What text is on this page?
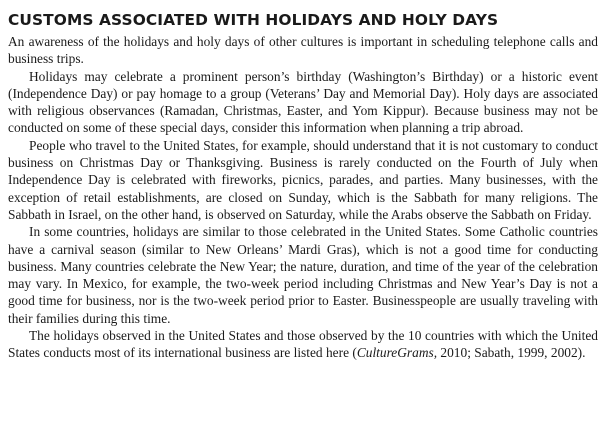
CUSTOMS ASSOCIATED WITH HOLIDAYS AND HOLY DAYS

An awareness of the holidays and holy days of other cultures is important in scheduling telephone calls and business trips.

Holidays may celebrate a prominent person’s birthday (Washington’s Birthday) or a historic event (Independence Day) or pay homage to a group (Veterans’ Day and Memorial Day). Holy days are associated with religious observances (Ramadan, Christmas, Easter, and Yom Kippur). Because business may not be conducted on some of these special days, consider this information when planning a trip abroad.

People who travel to the United States, for example, should understand that it is not customary to conduct business on Christmas Day or Thanksgiving. Business is rarely conducted on the Fourth of July when Independence Day is celebrated with fireworks, picnics, parades, and parties. Many businesses, with the exception of retail establishments, are closed on Sunday, which is the Sabbath for many religions. The Sabbath in Israel, on the other hand, is observed on Saturday, while the Arabs observe the Sabbath on Friday.

In some countries, holidays are similar to those celebrated in the United States. Some Catholic countries have a carnival season (similar to New Orleans’ Mardi Gras), which is not a good time for conducting business. Many countries celebrate the New Year; the nature, duration, and time of the year of the celebration may vary. In Mexico, for example, the two-week period including Christmas and New Year’s Day is not a good time for business, nor is the two-week period prior to Easter. Businesspeople are usually traveling with their families during this time.

The holidays observed in the United States and those observed by the 10 countries with which the United States conducts most of its international business are listed here (CultureGrams, 2010; Sabath, 1999, 2002).
